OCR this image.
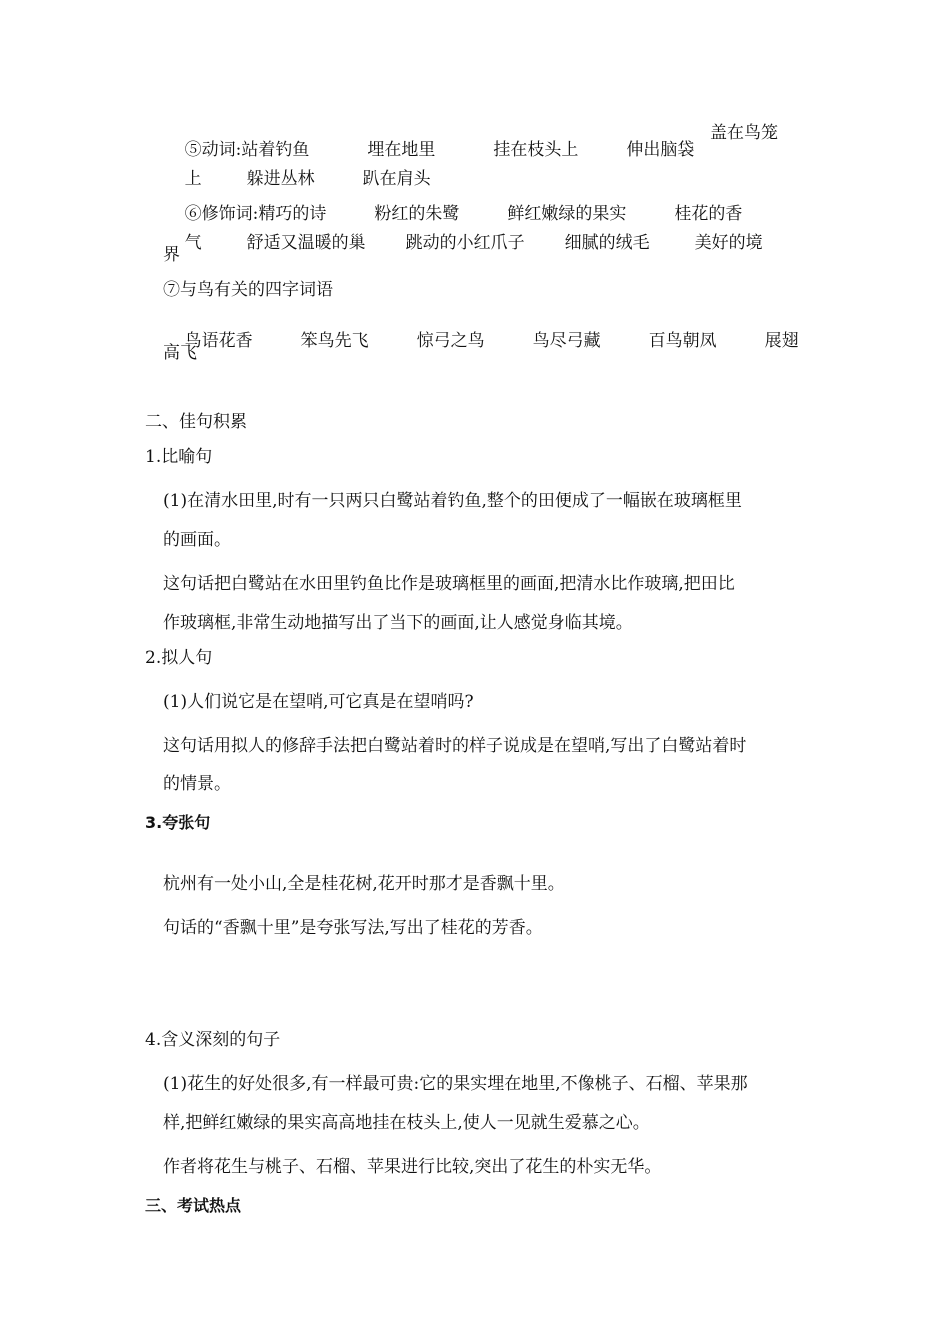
⑤动词:站着钓鱼	埋在地里	挂在枝头上	伸出脑袋

盖在鸟笼

上	躲进丛林	趴在肩头

⑥修饰词:精巧的诗	粉红的朱鹭	鲜红嫩绿的果实	桂花的香

气	舒适又温暖的巢 跳动的小红爪子 细腻的绒毛	美好的境

界
⑦与鸟有关的四字词语

鸟语花香	笨鸟先飞	惊弓之鸟	鸟尽弓藏	百鸟朝凤	展翅

高飞
二、佳句积累
1.比喻句
(1)在清水田里,时有一只两只白鹭站着钓鱼,整个的田便成了一幅嵌在玻璃框里
的画面。
这句话把白鹭站在水田里钓鱼比作是玻璃框里的画面,把清水比作玻璃,把田比
作玻璃框,非常生动地描写出了当下的画面,让人感觉身临其境。
2.拟人句
(1)人们说它是在望哨,可它真是在望哨吗?
这句话用拟人的修辞手法把白鹭站着时的样子说成是在望哨,写出了白鹭站着时
的情景。
3.夸张句
杭州有一处小山,全是桂花树,花开时那才是香飘十里。
句话的“香飘十里”是夸张写法,写出了桂花的芳香。
4.含义深刻的句子
(1)花生的好处很多,有一样最可贵:它的果实埋在地里,不像桃子、石榴、苹果那
样,把鲜红嫩绿的果实高高地挂在枝头上,使人一见就生爱慕之心。
作者将花生与桃子、石榴、苹果进行比较,突出了花生的朴实无华。
三、考试热点
